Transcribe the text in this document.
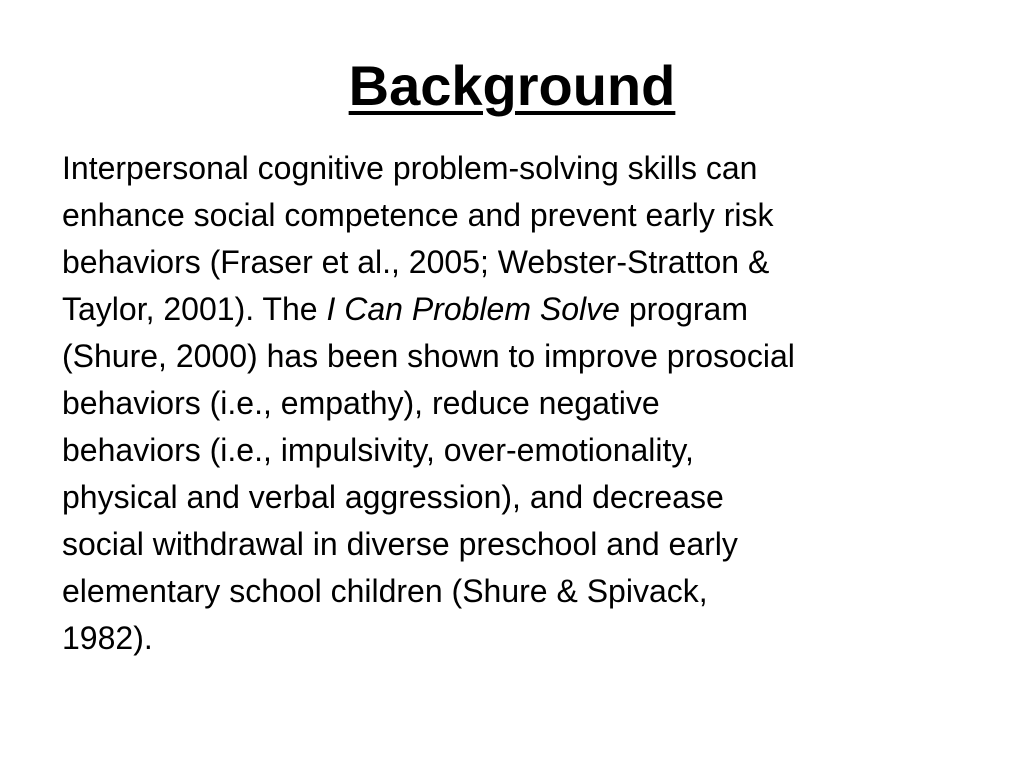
Background

Interpersonal cognitive problem-solving skills can
enhance social competence and prevent early risk
behaviors (Fraser et al., 2005; Webster-Stratton &
Taylor, 2001). The I Can Problem Solve program
(Shure, 2000) has been shown to improve prosocial
behaviors (i.e., empathy), reduce negative
behaviors (i.e., impulsivity, over-emotionality,
physical and verbal aggression), and decrease
social withdrawal in diverse preschool and early
elementary school children (Shure & Spivack,
1982).
